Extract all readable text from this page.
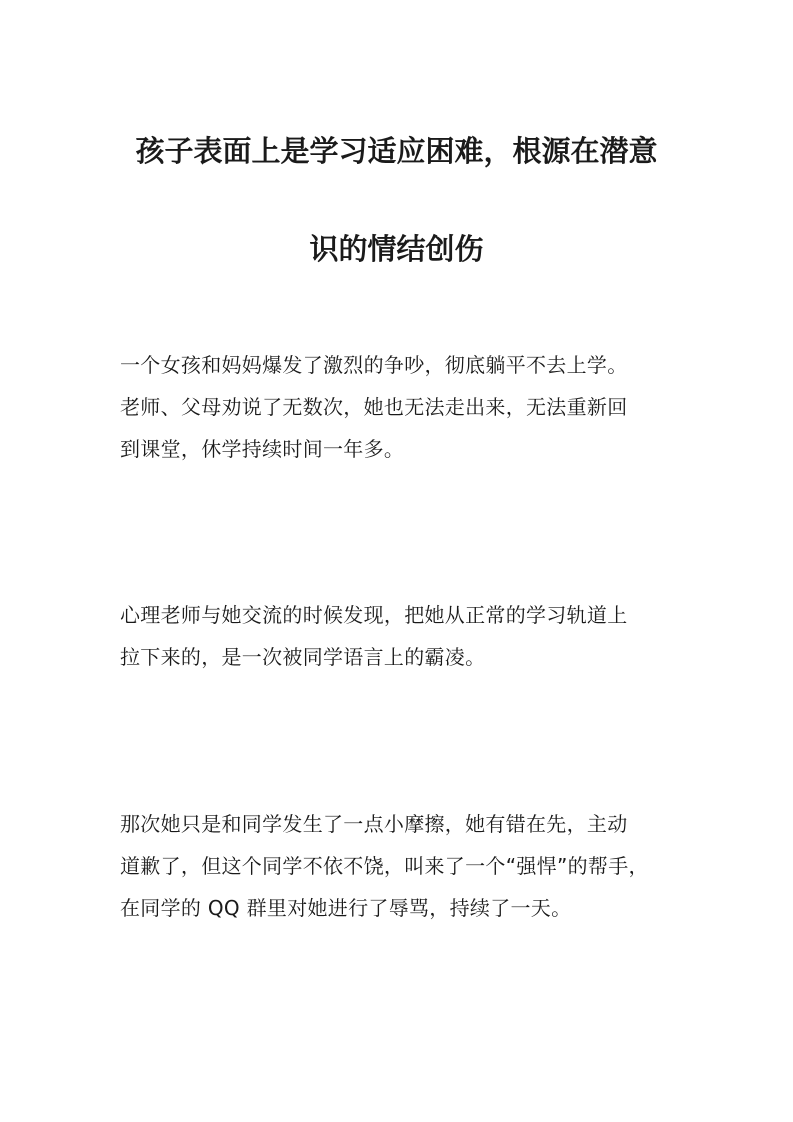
孩子表面上是学习适应困难，根源在潜意
识的情结创伤
一个女孩和妈妈爆发了激烈的争吵，彻底躺平不去上学。
老师、父母劝说了无数次，她也无法走出来，无法重新回
到课堂，休学持续时间一年多。
心理老师与她交流的时候发现，把她从正常的学习轨道上
拉下来的，是一次被同学语言上的霸凌。
那次她只是和同学发生了一点小摩擦，她有错在先，主动
道歉了，但这个同学不依不饶，叫来了一个“强悍”的帮手，
在同学的 QQ 群里对她进行了辱骂，持续了一天。
